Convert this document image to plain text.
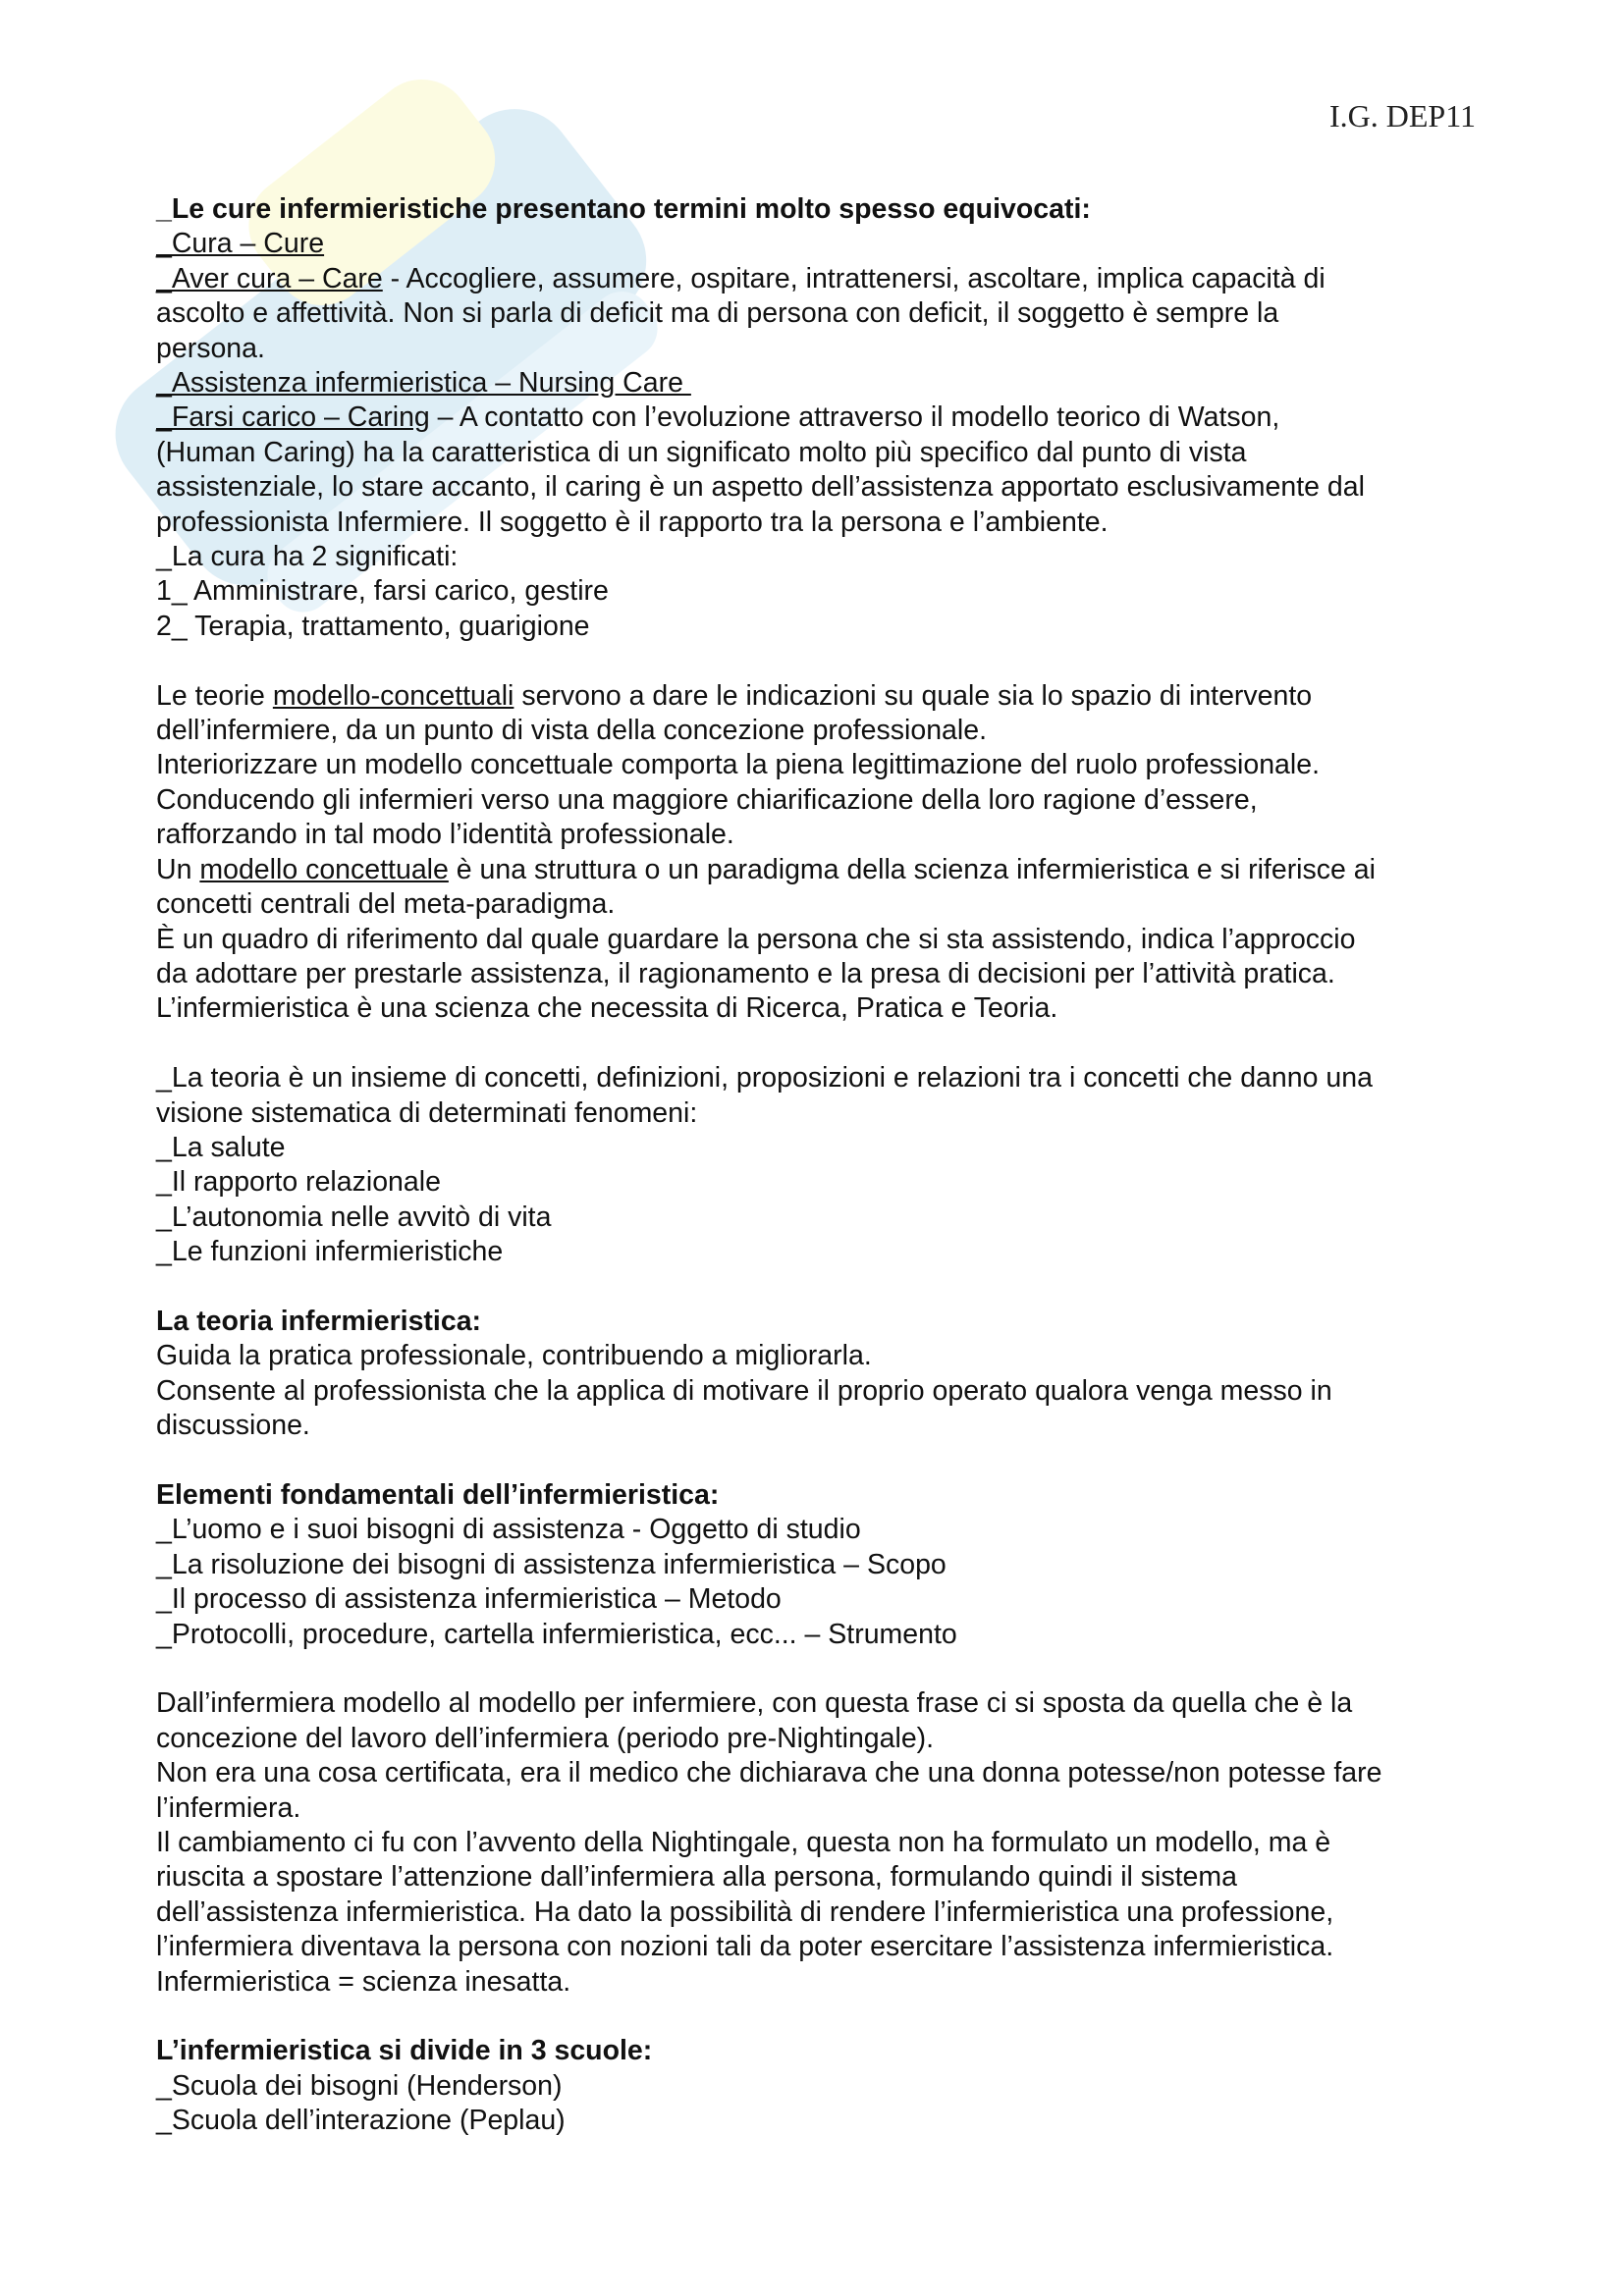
I.G. DEP11
_Le cure infermieristiche presentano termini molto spesso equivocati:
_Cura – Cure
_Aver cura – Care - Accogliere, assumere, ospitare, intrattenersi, ascoltare, implica capacità di
ascolto e affettività. Non si parla di deficit ma di persona con deficit, il soggetto è sempre la
persona.
_Assistenza infermieristica – Nursing Care
_Farsi carico – Caring – A contatto con l’evoluzione attraverso il modello teorico di Watson,
(Human Caring) ha la caratteristica di un significato molto più specifico dal punto di vista
assistenziale, lo stare accanto, il caring è un aspetto dell’assistenza apportato esclusivamente dal
professionista Infermiere. Il soggetto è il rapporto tra la persona e l’ambiente.
_La cura ha 2 significati:
1_ Amministrare, farsi carico, gestire
2_ Terapia, trattamento, guarigione
Le teorie modello-concettuali servono a dare le indicazioni su quale sia lo spazio di intervento
dell’infermiere, da un punto di vista della concezione professionale.
Interiorizzare un modello concettuale comporta la piena legittimazione del ruolo professionale.
Conducendo gli infermieri verso una maggiore chiarificazione della loro ragione d’essere,
rafforzando in tal modo l’identità professionale.
Un modello concettuale è una struttura o un paradigma della scienza infermieristica e si riferisce ai
concetti centrali del meta-paradigma.
È un quadro di riferimento dal quale guardare la persona che si sta assistendo, indica l’approccio
da adottare per prestarle assistenza, il ragionamento e la presa di decisioni per l’attività pratica.
L’infermieristica è una scienza che necessita di Ricerca, Pratica e Teoria.
_La teoria è un insieme di concetti, definizioni, proposizioni e relazioni tra i concetti che danno una
visione sistematica di determinati fenomeni:
_La salute
_Il rapporto relazionale
_L’autonomia nelle avvitò di vita
_Le funzioni infermieristiche
La teoria infermieristica:
Guida la pratica professionale, contribuendo a migliorarla.
Consente al professionista che la applica di motivare il proprio operato qualora venga messo in
discussione.
Elementi fondamentali dell’infermieristica:
_L’uomo e i suoi bisogni di assistenza - Oggetto di studio
_La risoluzione dei bisogni di assistenza infermieristica – Scopo
_Il processo di assistenza infermieristica – Metodo
_Protocolli, procedure, cartella infermieristica, ecc... – Strumento
Dall’infermiera modello al modello per infermiere, con questa frase ci si sposta da quella che è la
concezione del lavoro dell’infermiera (periodo pre-Nightingale).
Non era una cosa certificata, era il medico che dichiarava che una donna potesse/non potesse fare
l’infermiera.
Il cambiamento ci fu con l’avvento della Nightingale, questa non ha formulato un modello, ma è
riuscita a spostare l’attenzione dall’infermiera alla persona, formulando quindi il sistema
dell’assistenza infermieristica. Ha dato la possibilità di rendere l’infermieristica una professione,
l’infermiera diventava la persona con nozioni tali da poter esercitare l’assistenza infermieristica.
Infermieristica = scienza inesatta.
L’infermieristica si divide in 3 scuole:
_Scuola dei bisogni (Henderson)
_Scuola dell’interazione (Peplau)
